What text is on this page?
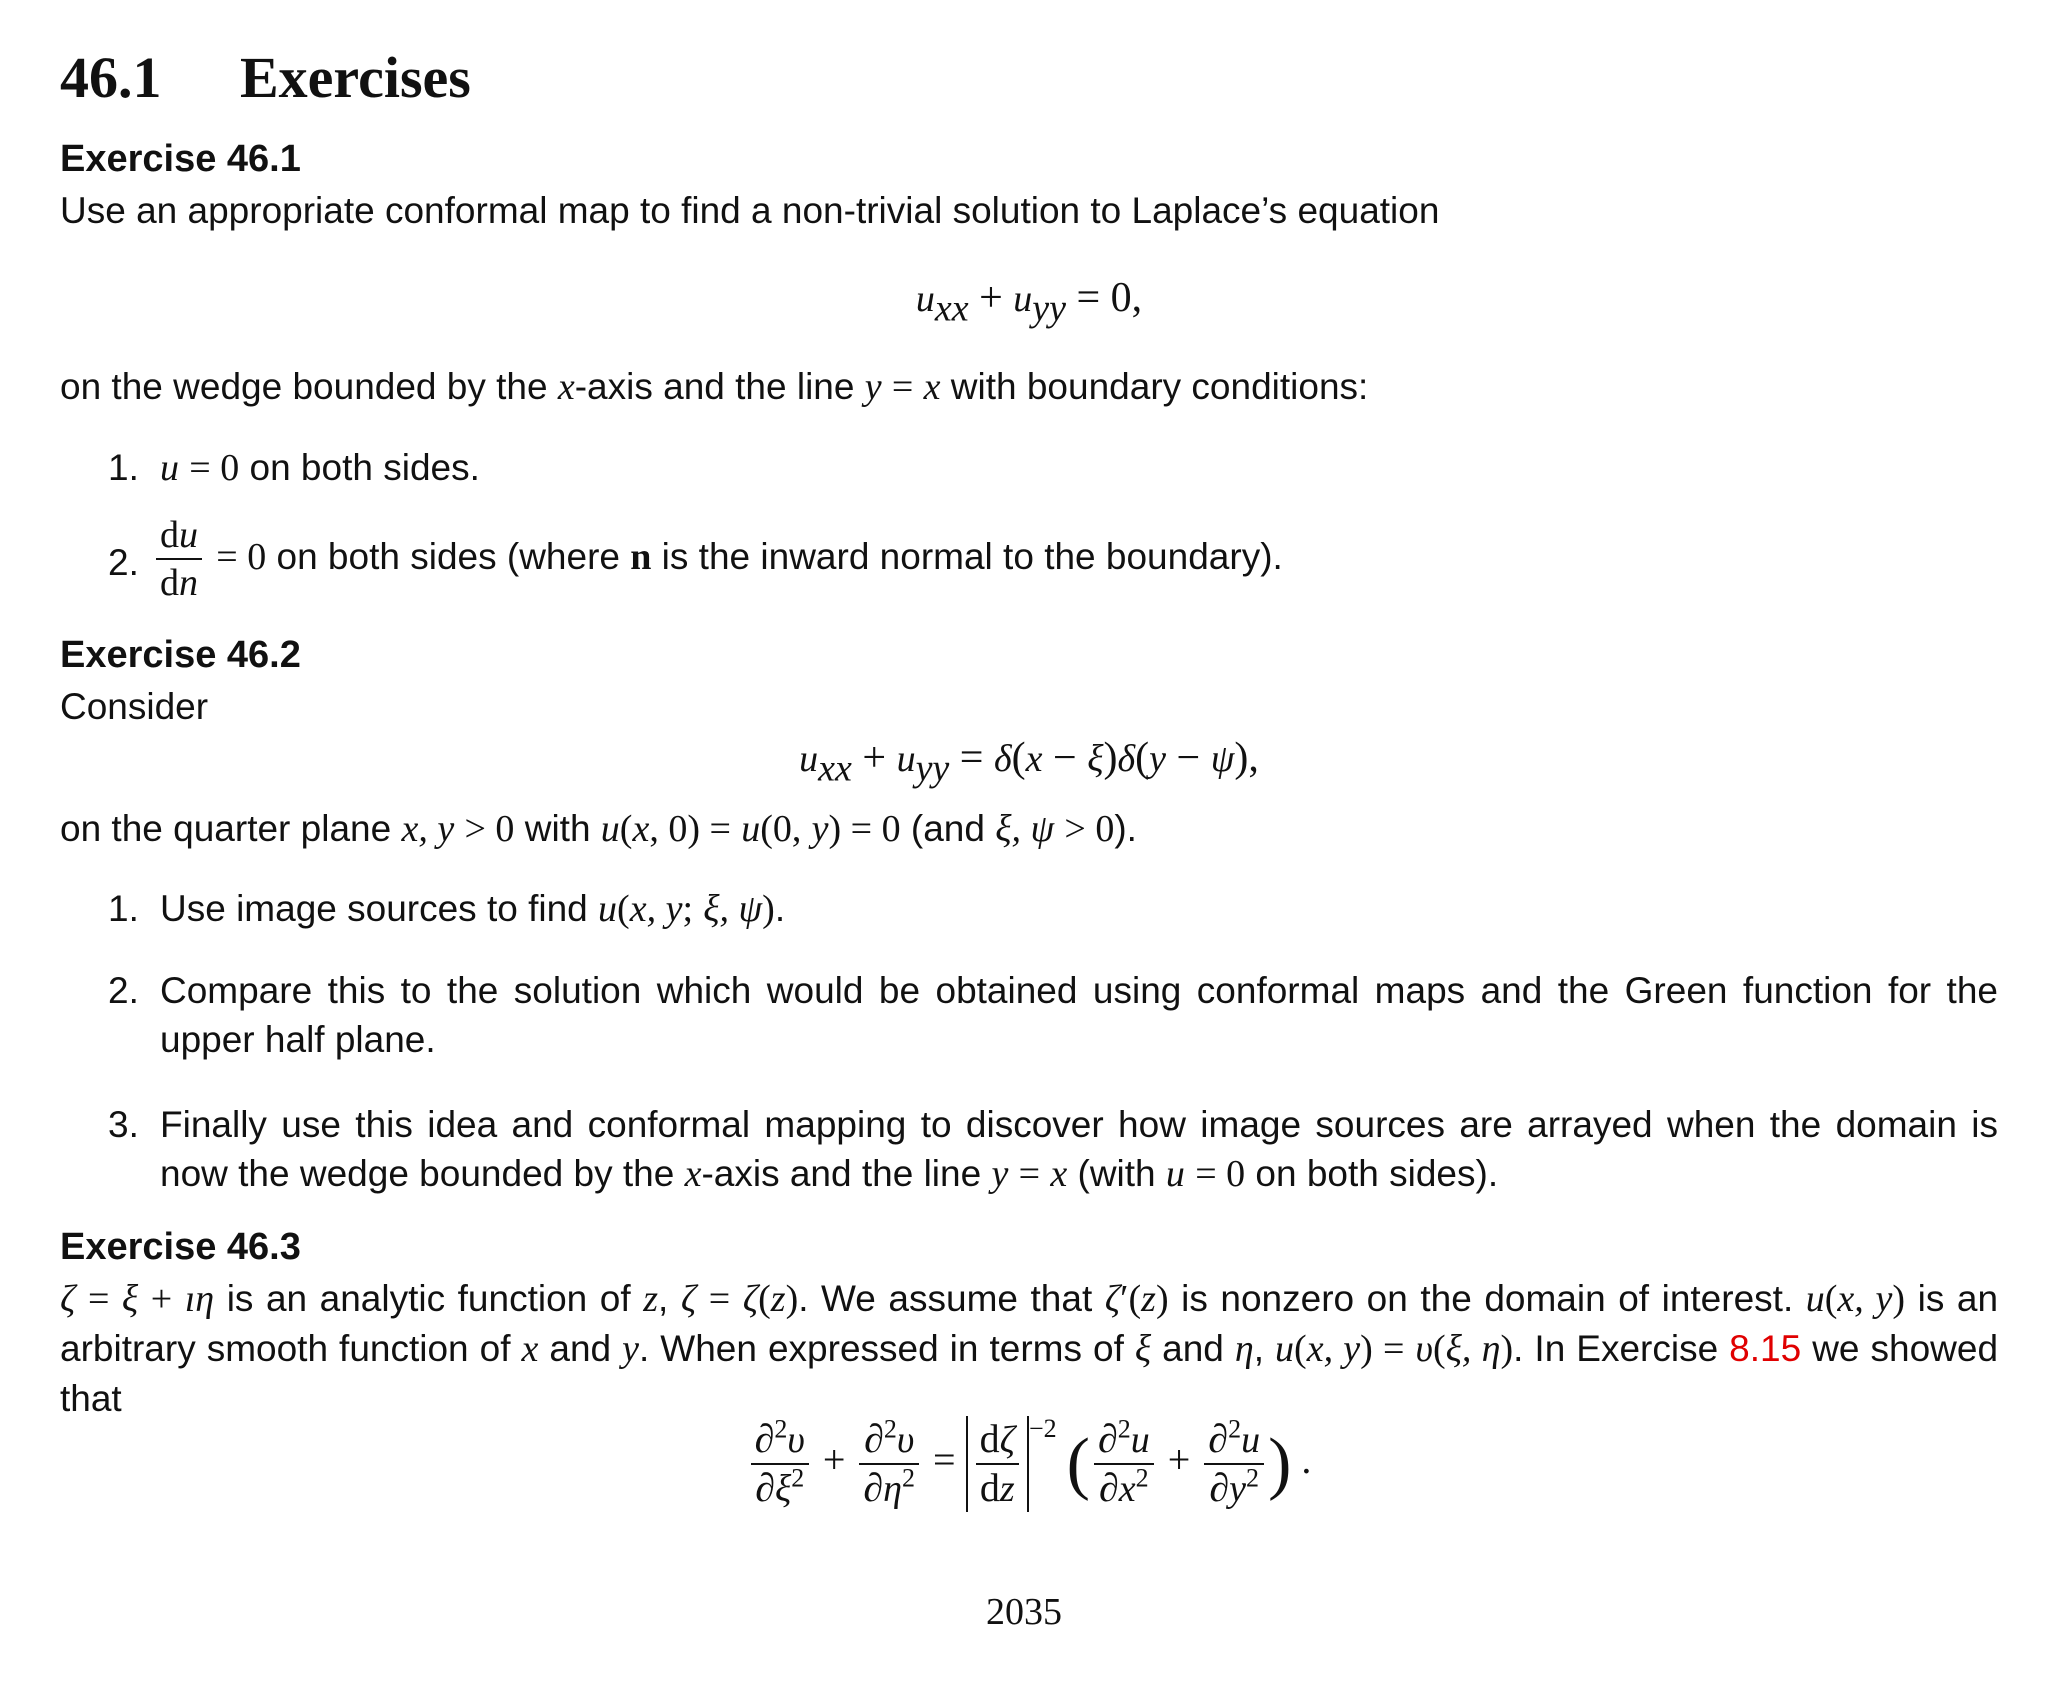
46.1 Exercises
Exercise 46.1
Use an appropriate conformal map to find a non-trivial solution to Laplace’s equation
$u_{xx} + u_{yy} = 0$,
on the wedge bounded by the x-axis and the line y = x with boundary conditions:
1. u = 0 on both sides.
2. $\frac{du}{dn} = 0$ on both sides (where n is the inward normal to the boundary).
Exercise 46.2
Consider
$u_{xx} + u_{yy} = \delta(x - \xi)\delta(y - \psi)$,
on the quarter plane x, y > 0 with u(x, 0) = u(0, y) = 0 (and ξ, ψ > 0).
1. Use image sources to find u(x, y; ξ, ψ).
2. Compare this to the solution which would be obtained using conformal maps and the Green function for the upper half plane.
3. Finally use this idea and conformal mapping to discover how image sources are arrayed when the domain is now the wedge bounded by the x-axis and the line y = x (with u = 0 on both sides).
Exercise 46.3
ζ = ξ + ıη is an analytic function of z, ζ = ζ(z). We assume that ζ′(z) is nonzero on the domain of interest. u(x, y) is an arbitrary smooth function of x and y. When expressed in terms of ξ and η, u(x, y) = υ(ξ, η). In Exercise 8.15 we showed that
$\frac{\partial^2\upsilon}{\partial\xi^2} + \frac{\partial^2\upsilon}{\partial\eta^2} = \frac{d\zeta}{dz} ^{-2}$ ( $\frac{\partial^2u}{\partial x^2} + \frac{\partial^2u}{\partial y^2}$ ) .
2035
